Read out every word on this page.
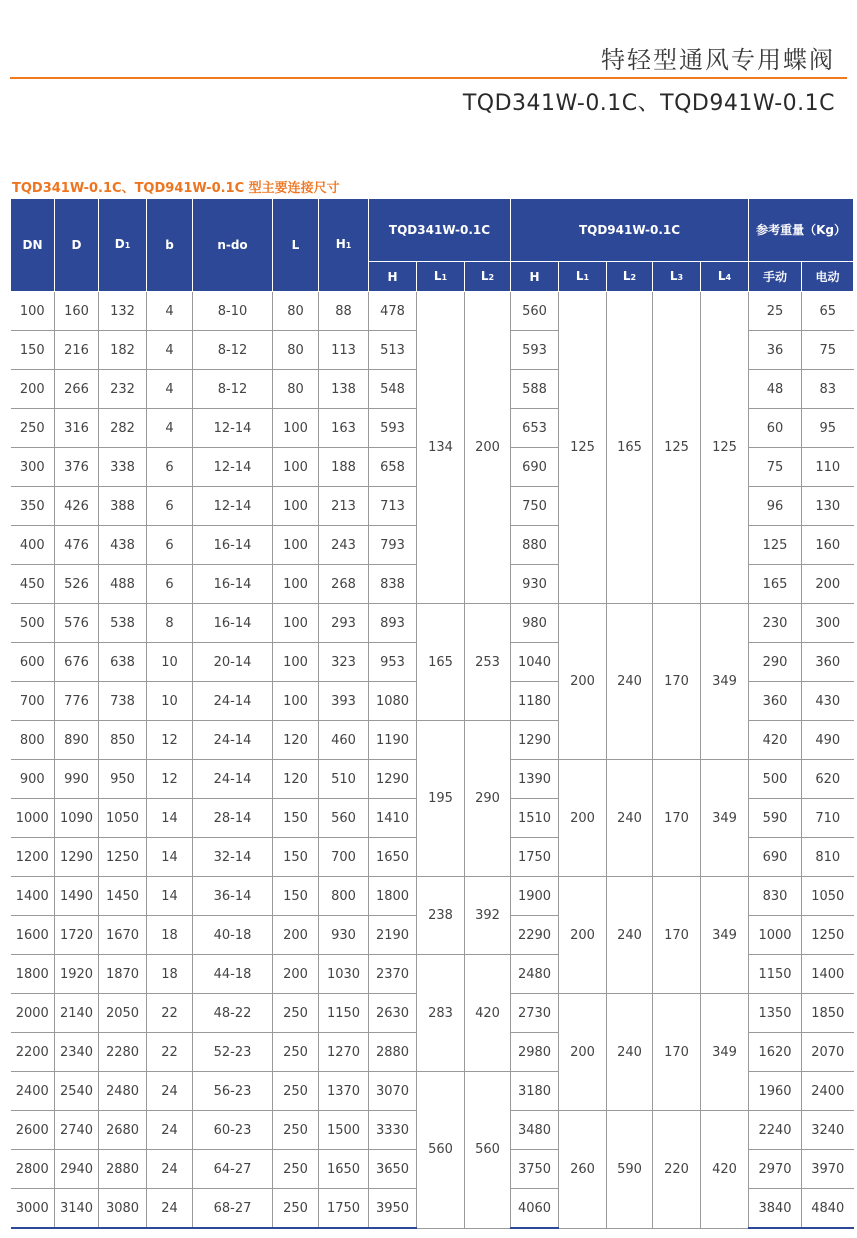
特轻型通风专用蝶阀
TQD341W-0.1C、TQD941W-0.1C
TQD341W-0.1C、TQD941W-0.1C 型主要连接尺寸
DN	D	D1	b	n-do	L	H1	TQD341W-0.1C			TQD941W-0.1C					参考重量（Kg）	
							H	L1	L2	H	L1	L2	L3	L4	手动	电动
100	160	132	4	8-10	80	88	478	134	200	560	125	165	125	125	25	65
150	216	182	4	8-12	80	113	513			593					36	75
200	266	232	4	8-12	80	138	548			588					48	83
250	316	282	4	12-14	100	163	593			653					60	95
300	376	338	6	12-14	100	188	658			690					75	110
350	426	388	6	12-14	100	213	713			750					96	130
400	476	438	6	16-14	100	243	793			880					125	160
450	526	488	6	16-14	100	268	838			930					165	200
500	576	538	8	16-14	100	293	893	165	253	980	200	240	170	349	230	300
600	676	638	10	20-14	100	323	953			1040					290	360
700	776	738	10	24-14	100	393	1080			1180					360	430
800	890	850	12	24-14	120	460	1190	195	290	1290					420	490
900	990	950	12	24-14	120	510	1290			1390	200	240	170	349	500	620
1000	1090	1050	14	28-14	150	560	1410			1510					590	710
1200	1290	1250	14	32-14	150	700	1650			1750					690	810
1400	1490	1450	14	36-14	150	800	1800	238	392	1900	200	240	170	349	830	1050
1600	1720	1670	18	40-18	200	930	2190			2290					1000	1250
1800	1920	1870	18	44-18	200	1030	2370	283	420	2480					1150	1400
2000	2140	2050	22	48-22	250	1150	2630			2730	200	240	170	349	1350	1850
2200	2340	2280	22	52-23	250	1270	2880			2980					1620	2070
2400	2540	2480	24	56-23	250	1370	3070	560	560	3180					1960	2400
2600	2740	2680	24	60-23	250	1500	3330			3480	260	590	220	420	2240	3240
2800	2940	2880	24	64-27	250	1650	3650			3750					2970	3970
3000	3140	3080	24	68-27	250	1750	3950			4060					3840	4840
